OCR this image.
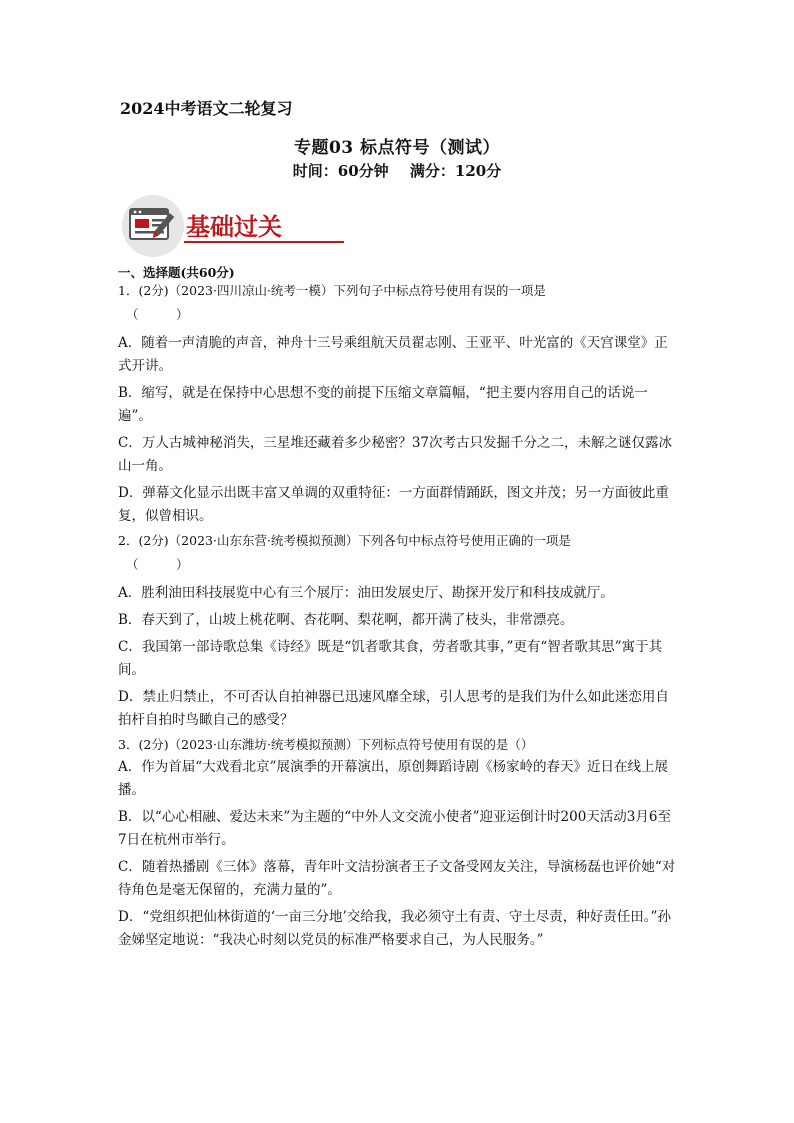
2024中考语文二轮复习
专题03 标点符号（测试）
时间：60分钟 满分：120分
基础过关

一、选择题(共60分)

1．(2分)（2023·四川凉山·统考一模）下列句子中标点符号使用有误的一项是

（　　　）

A．随着一声清脆的声音，神舟十三号乘组航天员翟志刚、王亚平、叶光富的《天宫课堂》正式开讲。

B．缩写，就是在保持中心思想不变的前提下压缩文章篇幅，“把主要内容用自己的话说一遍”。

C．万人古城神秘消失，三星堆还藏着多少秘密？37次考古只发掘千分之二，未解之谜仅露冰山一角。

D．弹幕文化显示出既丰富又单调的双重特征：一方面群情踊跃，图文并茂；另一方面彼此重复，似曾相识。

2．(2分)（2023·山东东营·统考模拟预测）下列各句中标点符号使用正确的一项是

（　　　）

A．胜利油田科技展览中心有三个展厅：油田发展史厅、勘探开发厅和科技成就厅。

B．春天到了，山坡上桃花啊、杏花啊、梨花啊，都开满了枝头，非常漂亮。

C．我国第一部诗歌总集《诗经》既是“饥者歌其食，劳者歌其事，”更有“智者歌其思”寓于其间。

D．禁止归禁止，不可否认自拍神器已迅速风靡全球，引人思考的是我们为什么如此迷恋用自拍杆自拍时鸟瞰自己的感受？

3．(2分)（2023·山东潍坊·统考模拟预测）下列标点符号使用有误的是（）

A．作为首届“大戏看北京”展演季的开幕演出，原创舞蹈诗剧《杨家岭的春天》近日在线上展播。

B．以“心心相融、爱达未来”为主题的“中外人文交流小使者”迎亚运倒计时200天活动3月6至7日在杭州市举行。

C．随着热播剧《三体》落幕，青年叶文洁扮演者王子文备受网友关注，导演杨磊也评价她“对待角色是毫无保留的，充满力量的”。

D．“党组织把仙林街道的‘一亩三分地’交给我，我必须守土有责、守土尽责，种好责任田。”孙金娣坚定地说：“我决心时刻以党员的标准严格要求自己，为人民服务。”
